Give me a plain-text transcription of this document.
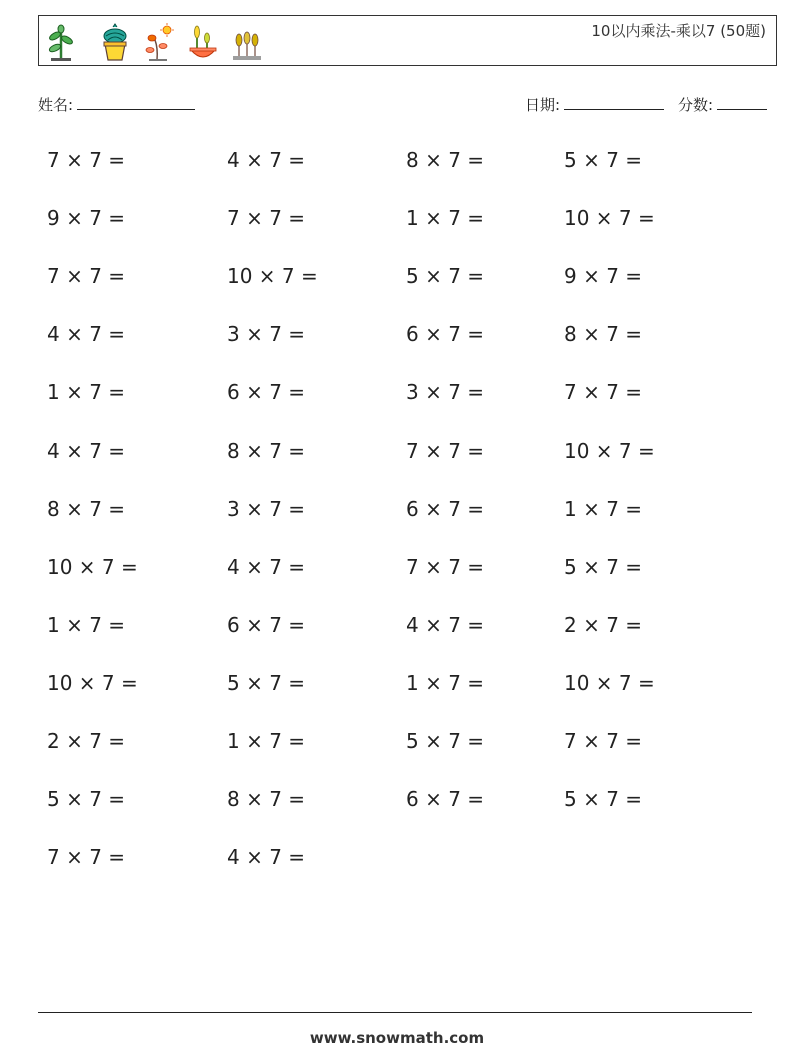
10以内乘法-乘以7 (50题)
姓名:	日期:	分数:
7 × 7 =	4 × 7 =	8 × 7 =	5 × 7 =
9 × 7 =	7 × 7 =	1 × 7 =	10 × 7 =
7 × 7 =	10 × 7 =	5 × 7 =	9 × 7 =
4 × 7 =	3 × 7 =	6 × 7 =	8 × 7 =
1 × 7 =	6 × 7 =	3 × 7 =	7 × 7 =
4 × 7 =	8 × 7 =	7 × 7 =	10 × 7 =
8 × 7 =	3 × 7 =	6 × 7 =	1 × 7 =
10 × 7 =	4 × 7 =	7 × 7 =	5 × 7 =
1 × 7 =	6 × 7 =	4 × 7 =	2 × 7 =
10 × 7 =	5 × 7 =	1 × 7 =	10 × 7 =
2 × 7 =	1 × 7 =	5 × 7 =	7 × 7 =
5 × 7 =	8 × 7 =	6 × 7 =	5 × 7 =
7 × 7 =	4 × 7 =
www.snowmath.com
